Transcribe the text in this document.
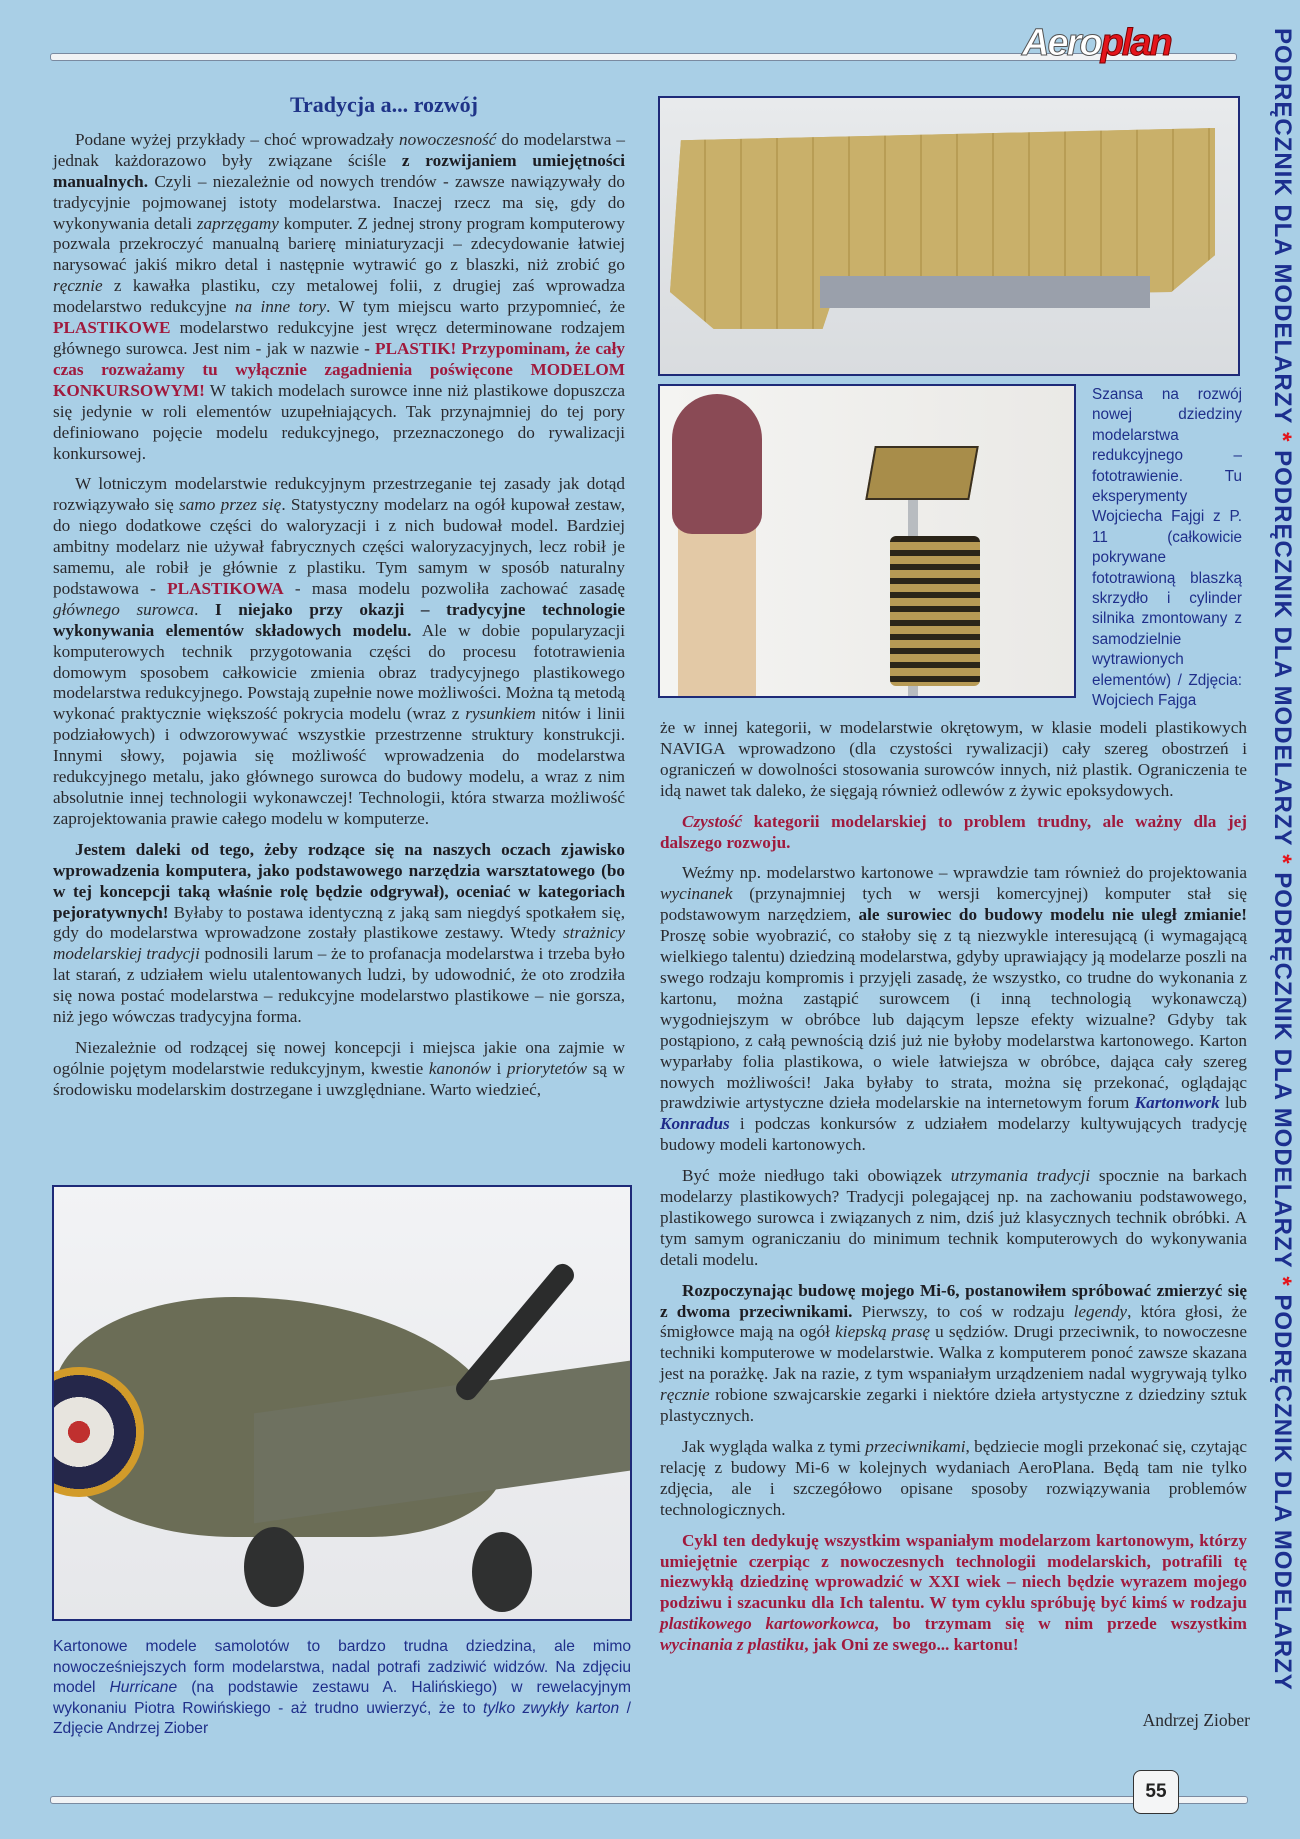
Aeroplan	PODRĘCZNIK DLA MODELARZY * PODRĘCZNIK DLA MODELARZY * PODRĘCZNIK DLA MODELARZY * PODRĘCZNIK DLA MODELARZY
Tradycja a... rozwój

Podane wyżej przykłady – choć wprowadzały nowoczesność do modelarstwa – jednak każdorazowo były związane ściśle z rozwijaniem umiejętności manualnych. Czyli – niezależnie od nowych trendów - zawsze nawiązywały do tradycyjnie pojmowanej istoty modelarstwa. Inaczej rzecz ma się, gdy do wykonywania detali zaprzęgamy komputer. Z jednej strony program komputerowy pozwala przekroczyć manualną barierę miniaturyzacji – zdecydowanie łatwiej narysować jakiś mikro detal i następnie wytrawić go z blaszki, niż zrobić go ręcznie z kawałka plastiku, czy metalowej folii, z drugiej zaś wprowadza modelarstwo redukcyjne na inne tory. W tym miejscu warto przypomnieć, że PLASTIKOWE modelarstwo redukcyjne jest wręcz determinowane rodzajem głównego surowca. Jest nim - jak w nazwie - PLASTIK! Przypominam, że cały czas rozważamy tu wyłącznie zagadnienia poświęcone MODELOM KONKURSOWYM! W takich modelach surowce inne niż plastikowe dopuszcza się jedynie w roli elementów uzupełniających. Tak przynajmniej do tej pory definiowano pojęcie modelu redukcyjnego, przeznaczonego do rywalizacji konkursowej.

W lotniczym modelarstwie redukcyjnym przestrzeganie tej zasady jak dotąd rozwiązywało się samo przez się. Statystyczny modelarz na ogół kupował zestaw, do niego dodatkowe części do waloryzacji i z nich budował model. Bardziej ambitny modelarz nie używał fabrycznych części waloryzacyjnych, lecz robił je samemu, ale robił je głównie z plastiku. Tym samym w sposób naturalny podstawowa - PLASTIKOWA - masa modelu pozwoliła zachować zasadę głównego surowca. I niejako przy okazji – tradycyjne technologie wykonywania elementów składowych modelu. Ale w dobie popularyzacji komputerowych technik przygotowania części do procesu fototrawienia domowym sposobem całkowicie zmienia obraz tradycyjnego plastikowego modelarstwa redukcyjnego. Powstają zupełnie nowe możliwości. Można tą metodą wykonać praktycznie większość pokrycia modelu (wraz z rysunkiem nitów i linii podziałowych) i odwzorowywać wszystkie przestrzenne struktury konstrukcji. Innymi słowy, pojawia się możliwość wprowadzenia do modelarstwa redukcyjnego metalu, jako głównego surowca do budowy modelu, a wraz z nim absolutnie innej technologii wykonawczej! Technologii, która stwarza możliwość zaprojektowania prawie całego modelu w komputerze.

Jestem daleki od tego, żeby rodzące się na naszych oczach zjawisko wprowadzenia komputera, jako podstawowego narzędzia warsztatowego (bo w tej koncepcji taką właśnie rolę będzie odgrywał), oceniać w kategoriach pejoratywnych! Byłaby to postawa identyczną z jaką sam niegdyś spotkałem się, gdy do modelarstwa wprowadzone zostały plastikowe zestawy. Wtedy strażnicy modelarskiej tradycji podnosili larum – że to profanacja modelarstwa i trzeba było lat starań, z udziałem wielu utalentowanych ludzi, by udowodnić, że oto zrodziła się nowa postać modelarstwa – redukcyjne modelarstwo plastikowe – nie gorsza, niż jego wówczas tradycyjna forma.

Niezależnie od rodzącej się nowej koncepcji i miejsca jakie ona zajmie w ogólnie pojętym modelarstwie redukcyjnym, kwestie kanonów i priorytetów są w środowisku modelarskim dostrzegane i uwzględniane. Warto wiedzieć,

Szansa na rozwój nowej dziedziny modelarstwa redukcyjnego – fototrawienie. Tu eksperymenty Wojciecha Fajgi z P. 11 (całkowicie pokrywane fototrawioną blaszką skrzydło i cylinder silnika zmontowany z samodzielnie wytrawionych elementów) / Zdjęcia: Wojciech Fajga
Kartonowe modele samolotów to bardzo trudna dziedzina, ale mimo nowocześniejszych form modelarstwa, nadal potrafi zadziwić widzów. Na zdjęciu model Hurricane (na podstawie zestawu A. Halińskiego) w rewelacyjnym wykonaniu Piotra Rowińskiego - aż trudno uwierzyć, że to tylko zwykły karton / Zdjęcie Andrzej Ziober

że w innej kategorii, w modelarstwie okrętowym, w klasie modeli plastikowych NAVIGA wprowadzono (dla czystości rywalizacji) cały szereg obostrzeń i ograniczeń w dowolności stosowania surowców innych, niż plastik. Ograniczenia te idą nawet tak daleko, że sięgają również odlewów z żywic epoksydowych.

Czystość kategorii modelarskiej to problem trudny, ale ważny dla jej dalszego rozwoju.

Weźmy np. modelarstwo kartonowe – wprawdzie tam również do projektowania wycinanek (przynajmniej tych w wersji komercyjnej) komputer stał się podstawowym narzędziem, ale surowiec do budowy modelu nie uległ zmianie! Proszę sobie wyobrazić, co stałoby się z tą niezwykle interesującą (i wymagającą wielkiego talentu) dziedziną modelarstwa, gdyby uprawiający ją modelarze poszli na swego rodzaju kompromis i przyjęli zasadę, że wszystko, co trudne do wykonania z kartonu, można zastąpić surowcem (i inną technologią wykonawczą) wygodniejszym w obróbce lub dającym lepsze efekty wizualne? Gdyby tak postąpiono, z całą pewnością dziś już nie byłoby modelarstwa kartonowego. Karton wyparłaby folia plastikowa, o wiele łatwiejsza w obróbce, dająca cały szereg nowych możliwości! Jaka byłaby to strata, można się przekonać, oglądając prawdziwie artystyczne dzieła modelarskie na internetowym forum Kartonwork lub Konradus i podczas konkursów z udziałem modelarzy kultywujących tradycję budowy modeli kartonowych.

Być może niedługo taki obowiązek utrzymania tradycji spocznie na barkach modelarzy plastikowych? Tradycji polegającej np. na zachowaniu podstawowego, plastikowego surowca i związanych z nim, dziś już klasycznych technik obróbki. A tym samym ograniczaniu do minimum technik komputerowych do wykonywania detali modelu.

Rozpoczynając budowę mojego Mi-6, postanowiłem spróbować zmierzyć się z dwoma przeciwnikami. Pierwszy, to coś w rodzaju legendy, która głosi, że śmigłowce mają na ogół kiepską prasę u sędziów. Drugi przeciwnik, to nowoczesne techniki komputerowe w modelarstwie. Walka z komputerem ponoć zawsze skazana jest na porażkę. Jak na razie, z tym wspaniałym urządzeniem nadal wygrywają tylko ręcznie robione szwajcarskie zegarki i niektóre dzieła artystyczne z dziedziny sztuk plastycznych.

Jak wygląda walka z tymi przeciwnikami, będziecie mogli przekonać się, czytając relację z budowy Mi-6 w kolejnych wydaniach AeroPlana. Będą tam nie tylko zdjęcia, ale i szczegółowo opisane sposoby rozwiązywania problemów technologicznych.

Cykl ten dedykuję wszystkim wspaniałym modelarzom kartonowym, którzy umiejętnie czerpiąc z nowoczesnych technologii modelarskich, potrafili tę niezwykłą dziedzinę wprowadzić w XXI wiek – niech będzie wyrazem mojego podziwu i szacunku dla Ich talentu. W tym cyklu spróbuję być kimś w rodzaju plastikowego kartoworkowca, bo trzymam się w nim przede wszystkim wycinania z plastiku, jak Oni ze swego... kartonu!

Andrzej Ziober
55
